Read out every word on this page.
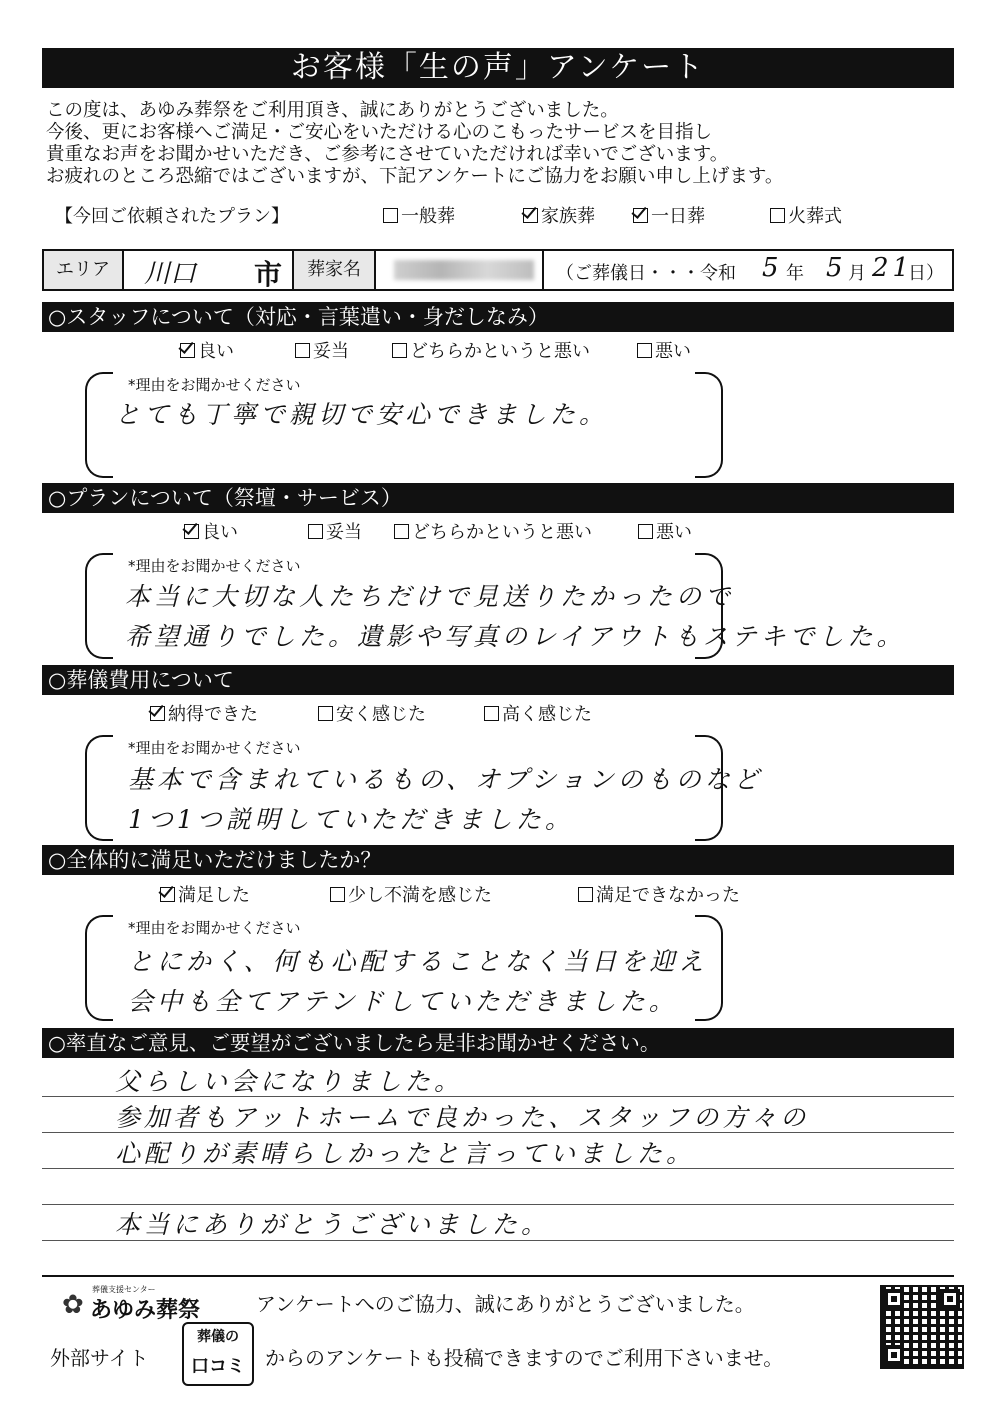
お客様「生の声」アンケート
この度は、あゆみ葬祭をご利用頂き、誠にありがとうございました。
今後、更にお客様へご満足・ご安心をいただける心のこもったサービスを目指し
貴重なお声をお聞かせいただき、ご参考にさせていただければ幸いでございます。
お疲れのところ恐縮ではございますが、下記アンケートにご協力をお願い申し上げます。
【今回ご依頼されたプラン】	一般葬	家族葬	一日葬	火葬式
エリア	川口 市	葬家名	（ご葬儀日・・・令和 5 年 5 月 21
日）
○スタッフについて（対応・言葉遣い・身だしなみ）
良い	妥当	どちらかというと悪い	悪い
*理由をお聞かせください
とても丁寧で親切で安心できました。
○プランについて（祭壇・サービス）
良い	妥当	どちらかというと悪い	悪い
*理由をお聞かせください
本当に大切な人たちだけで見送りたかったので
希望通りでした。遺影や写真のレイアウトもステキでした。
○葬儀費用について
納得できた	安く感じた	高く感じた
*理由をお聞かせください
基本で含まれているもの、オプションのものなど
1つ1つ説明していただきました。
○全体的に満足いただけましたか？
満足した	少し不満を感じた	満足できなかった
*理由をお聞かせください
とにかく、何も心配することなく当日を迎え
会中も全てアテンドしていただきました。
○率直なご意見、ご要望がございましたら是非お聞かせください。
父らしい会になりました。
参加者もアットホームで良かった、スタッフの方々の
心配りが素晴らしかったと言っていました。
本当にありがとうございました。
✿
葬儀支援センター
あゆみ葬祭	アンケートへのご協力、誠にありがとうございました。
外部サイト
葬儀の
口コミ	からのアンケートも投稿できますのでご利用下さいませ。
